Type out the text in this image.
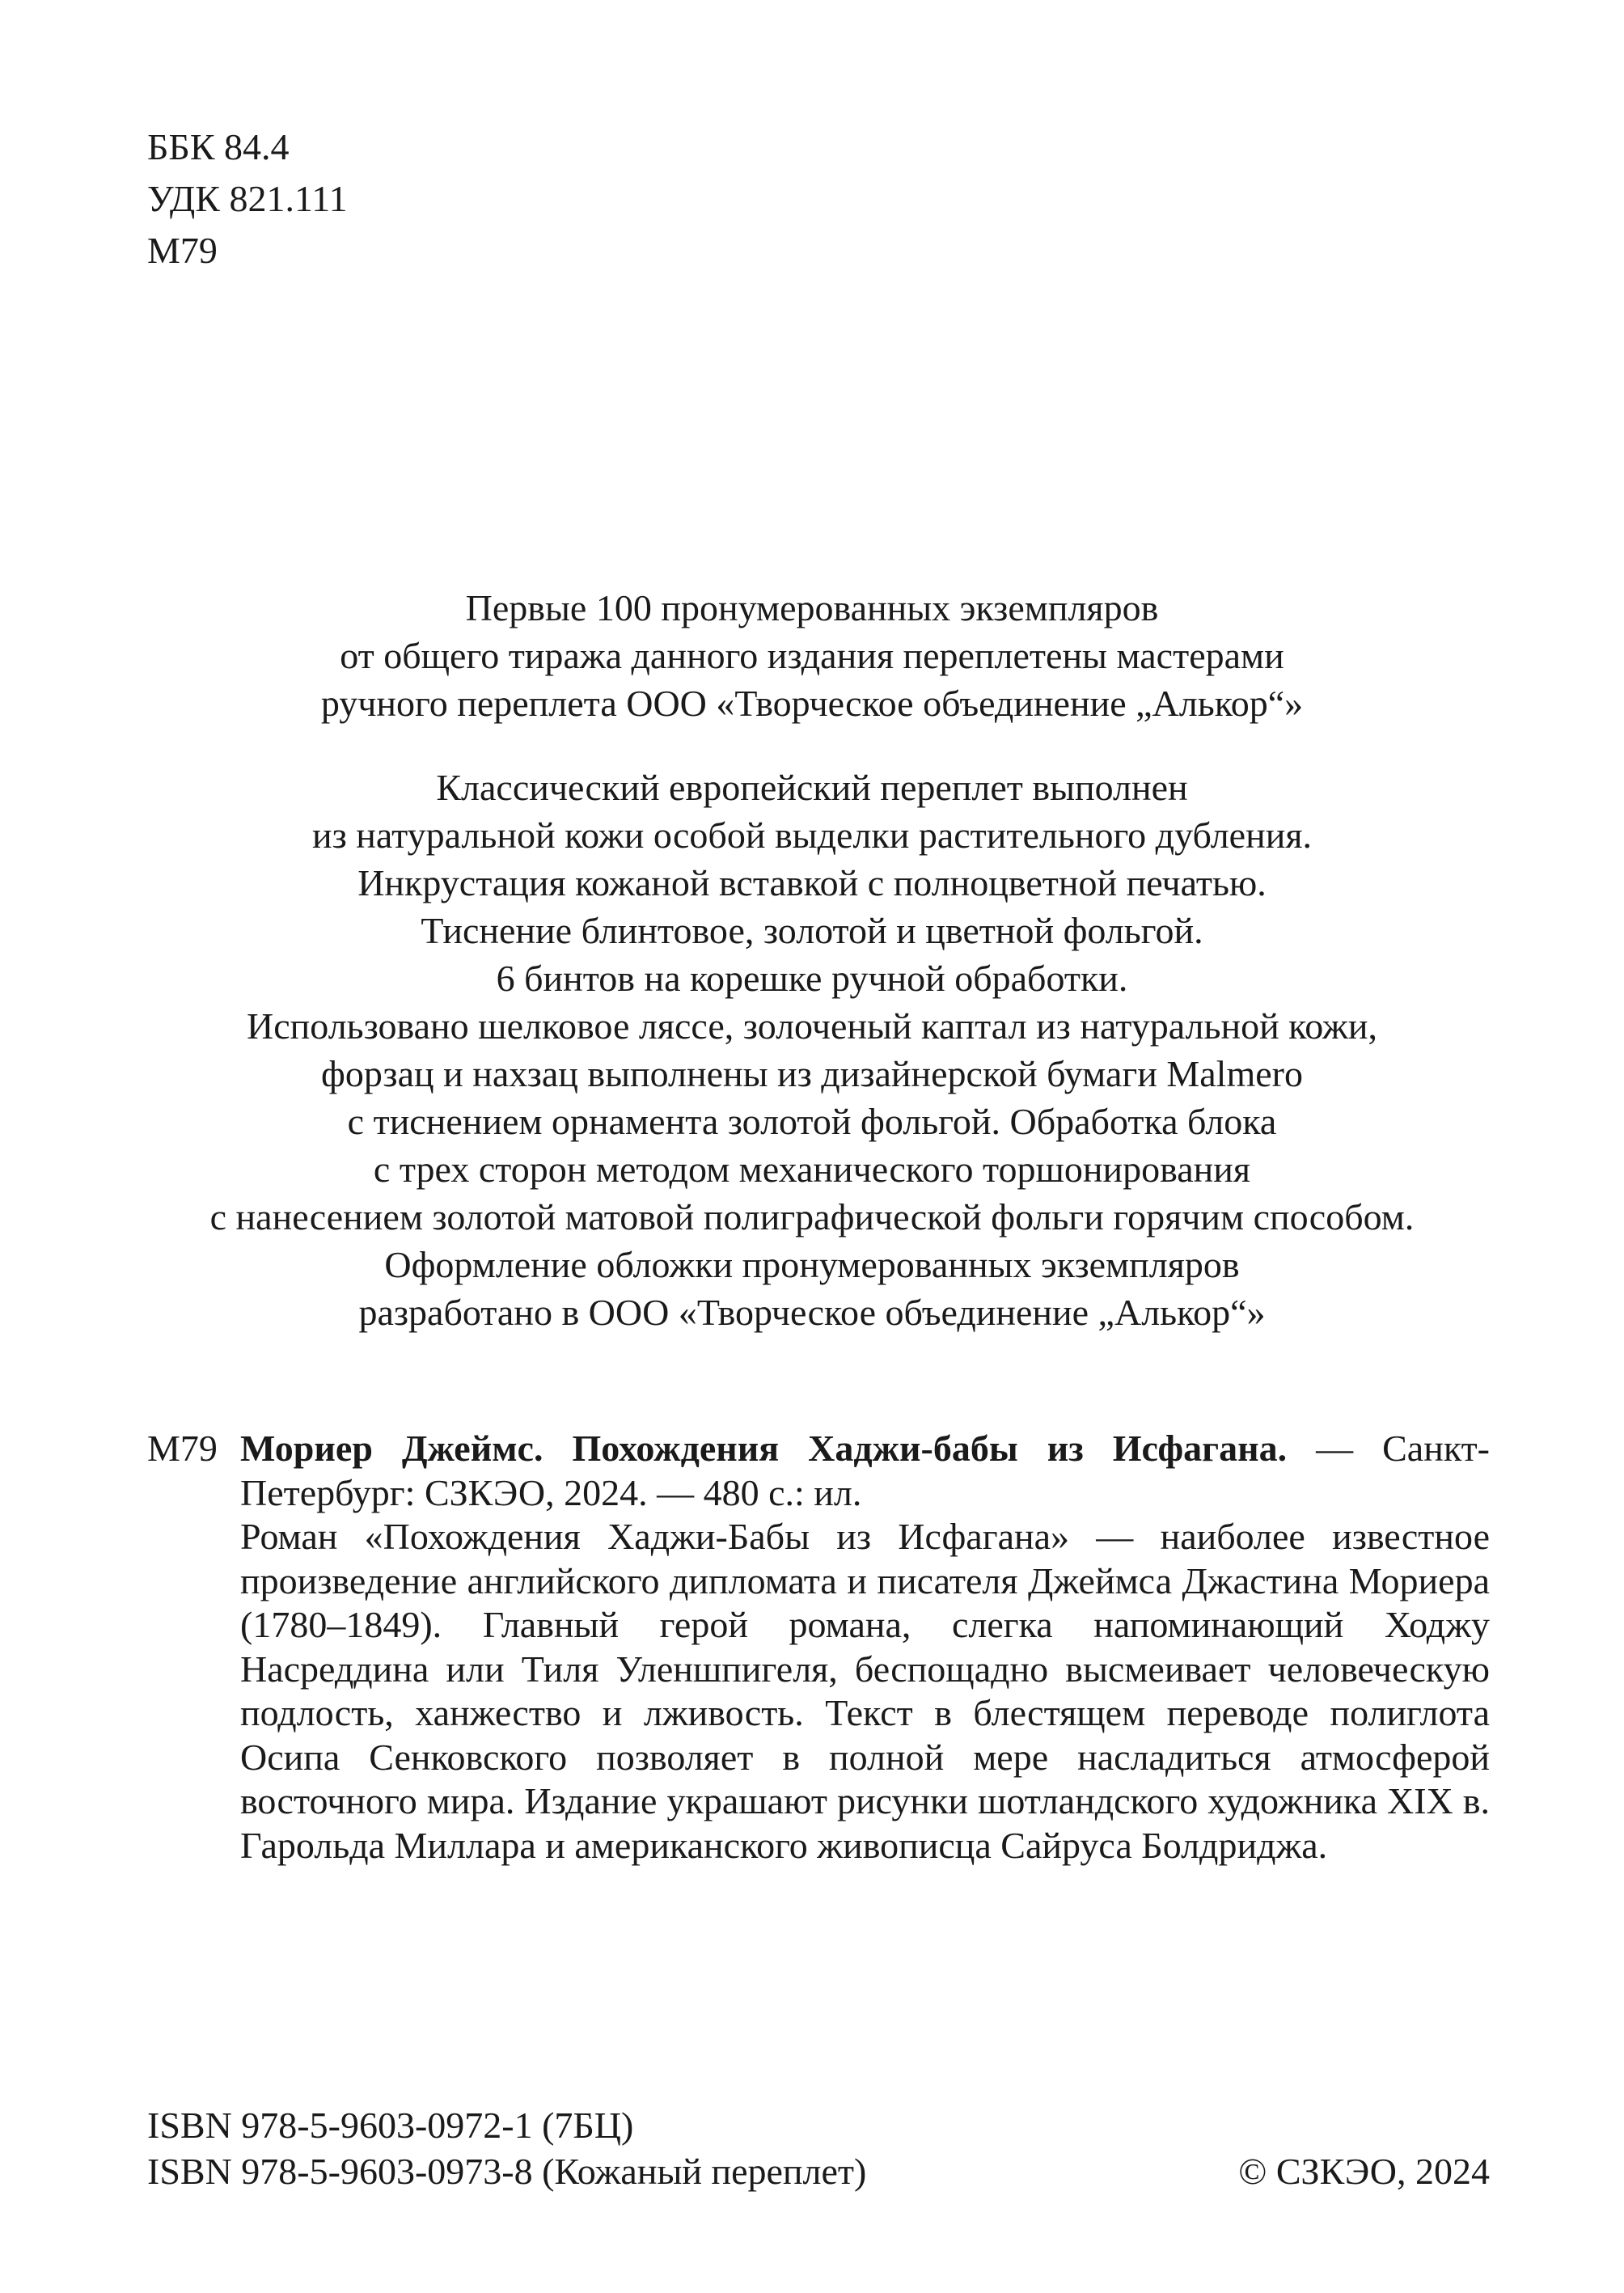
ББК 84.4
УДК 821.111
М79
Первые 100 пронумерованных экземпляров
от общего тиража данного издания переплетены мастерами
ручного переплета ООО «Творческое объединение „Алькор“»
Классический европейский переплет выполнен
из натуральной кожи особой выделки растительного дубления.
Инкрустация кожаной вставкой с полноцветной печатью.
Тиснение блинтовое, золотой и цветной фольгой.
6 бинтов на корешке ручной обработки.
Использовано шелковое ляссе, золоченый каптал из натуральной кожи,
форзац и нахзац выполнены из дизайнерской бумаги Malmero
с тиснением орнамента золотой фольгой. Обработка блока
с трех сторон методом механического торшонирования
с нанесением золотой матовой полиграфической фольги горячим способом.
Оформление обложки пронумерованных экземпляров
разработано в ООО «Творческое объединение „Алькор“»
М79 Мориер Джеймс. Похождения Хаджи-бабы из Исфагана. — Санкт-Петербург: СЗКЭО, 2024. — 480 с.: ил.
Роман «Похождения Хаджи-Бабы из Исфагана» — наиболее известное произведение английского дипломата и писателя Джеймса Джастина Мориера (1780–1849). Главный герой романа, слегка напоминающий Ходжу Насреддина или Тиля Уленшпигеля, беспощадно высмеивает человеческую подлость, ханжество и лживость. Текст в блестящем переводе полиглота Осипа Сенковского позволяет в полной мере насладиться атмосферой восточного мира. Издание украшают рисунки шотландского художника XIX в. Гарольда Миллара и американского живописца Сайруса Болдриджа.
ISBN 978-5-9603-0972-1 (7БЦ)
ISBN 978-5-9603-0973-8 (Кожаный переплет)	© СЗКЭО, 2024
